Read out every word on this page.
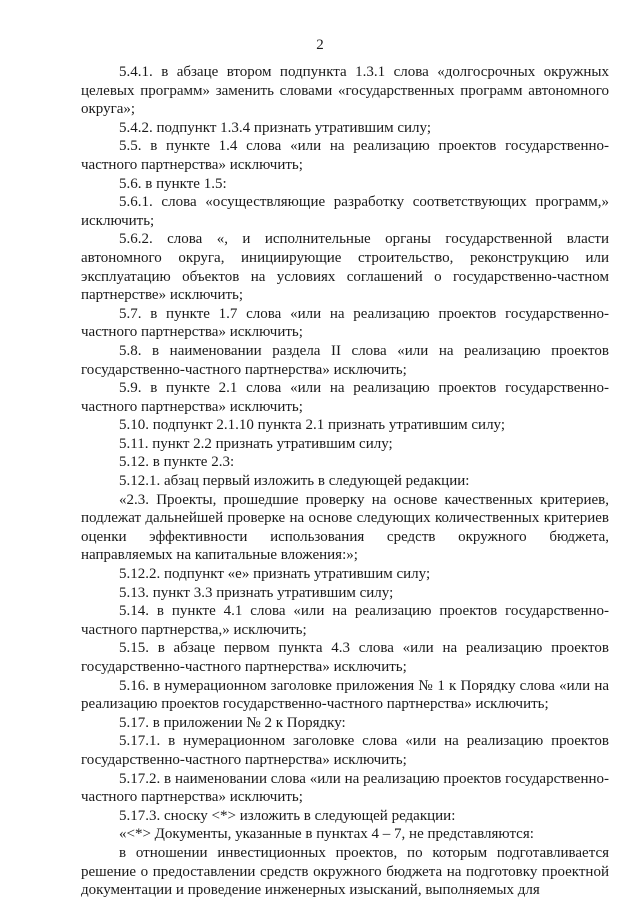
2

5.4.1. в абзаце втором подпункта 1.3.1 слова «долгосрочных окружных целевых программ» заменить словами «государственных программ автономного округа»;

5.4.2. подпункт 1.3.4 признать утратившим силу;

5.5. в пункте 1.4 слова «или на реализацию проектов государственно-частного партнерства» исключить;

5.6. в пункте 1.5:

5.6.1. слова «осуществляющие разработку соответствующих программ,» исключить;

5.6.2. слова «, и исполнительные органы государственной власти автономного округа, инициирующие строительство, реконструкцию или эксплуатацию объектов на условиях соглашений о государственно-частном партнерстве» исключить;

5.7. в пункте 1.7 слова «или на реализацию проектов государственно-частного партнерства» исключить;

5.8. в наименовании раздела II слова «или на реализацию проектов государственно-частного партнерства» исключить;

5.9. в пункте 2.1 слова «или на реализацию проектов государственно-частного партнерства» исключить;

5.10. подпункт 2.1.10 пункта 2.1 признать утратившим силу;

5.11. пункт 2.2 признать утратившим силу;

5.12. в пункте 2.3:

5.12.1. абзац первый изложить в следующей редакции:

«2.3. Проекты, прошедшие проверку на основе качественных критериев, подлежат дальнейшей проверке на основе следующих количественных критериев оценки эффективности использования средств окружного бюджета, направляемых на капитальные вложения:»;

5.12.2. подпункт «е» признать утратившим силу;

5.13. пункт 3.3 признать утратившим силу;

5.14. в пункте 4.1 слова «или на реализацию проектов государственно-частного партнерства,» исключить;

5.15. в абзаце первом пункта 4.3 слова «или на реализацию проектов государственно-частного партнерства» исключить;

5.16. в нумерационном заголовке приложения № 1 к Порядку слова «или на реализацию проектов государственно-частного партнерства» исключить;

5.17. в приложении № 2 к Порядку:

5.17.1. в нумерационном заголовке слова «или на реализацию проектов государственно-частного партнерства» исключить;

5.17.2. в наименовании слова «или на реализацию проектов государственно-частного партнерства» исключить;

5.17.3. сноску <*> изложить в следующей редакции:

«<*> Документы, указанные в пунктах 4 – 7, не представляются:

в отношении инвестиционных проектов, по которым подготавливается решение о предоставлении средств окружного бюджета на подготовку проектной документации и проведение инженерных изысканий, выполняемых для
